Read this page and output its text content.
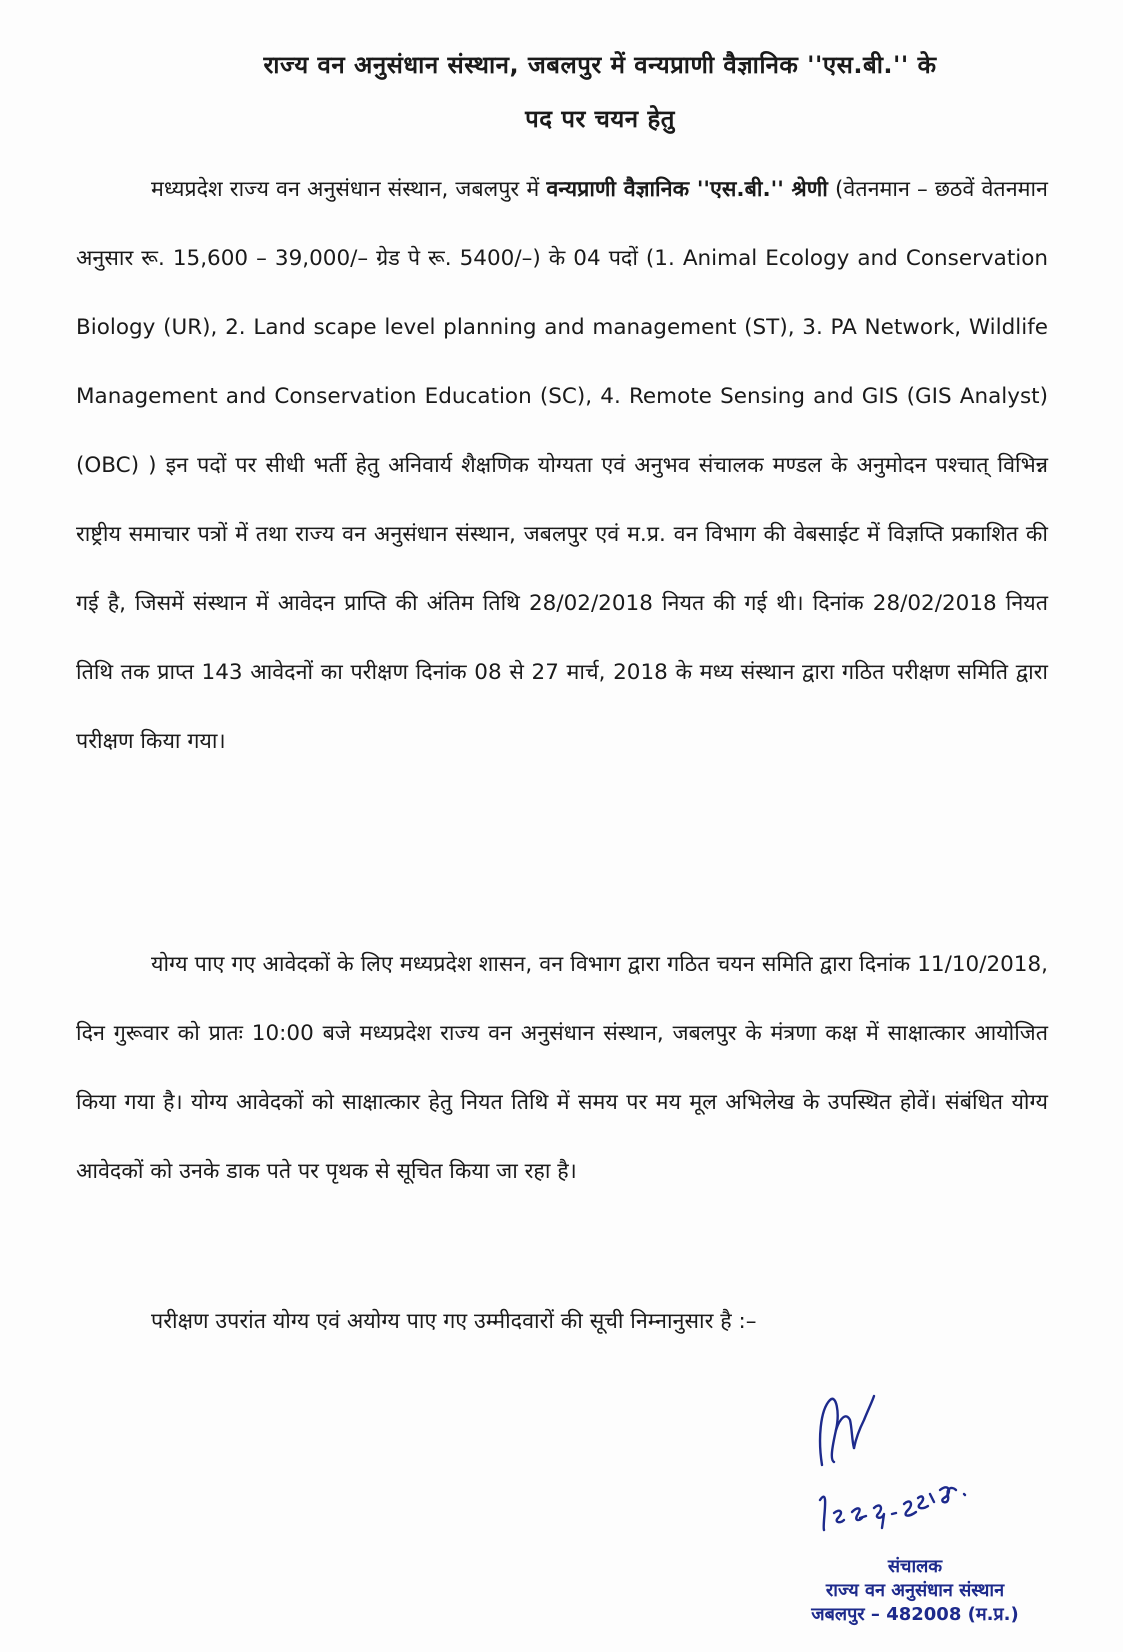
राज्य वन अनुसंधान संस्थान, जबलपुर में वन्यप्राणी वैज्ञानिक ''एस.बी.'' के
पद पर चयन हेतु
मध्यप्रदेश राज्य वन अनुसंधान संस्थान, जबलपुर में वन्यप्राणी वैज्ञानिक ''एस.बी.'' श्रेणी (वेतनमान – छठवें वेतनमान अनुसार रू. 15,600 – 39,000/– ग्रेड पे रू. 5400/–) के 04 पदों (1. Animal Ecology and Conservation Biology (UR), 2. Land scape level planning and management (ST), 3. PA Network, Wildlife Management and Conservation Education (SC), 4. Remote Sensing and GIS (GIS Analyst) (OBC) ) इन पदों पर सीधी भर्ती हेतु अनिवार्य शैक्षणिक योग्यता एवं अनुभव संचालक मण्डल के अनुमोदन पश्चात् विभिन्न राष्ट्रीय समाचार पत्रों में तथा राज्य वन अनुसंधान संस्थान, जबलपुर एवं म.प्र. वन विभाग की वेबसाईट में विज्ञप्ति प्रकाशित की गई है, जिसमें संस्थान में आवेदन प्राप्ति की अंतिम तिथि 28/02/2018 नियत की गई थी। दिनांक 28/02/2018 नियत तिथि तक प्राप्त 143 आवेदनों का परीक्षण दिनांक 08 से 27 मार्च, 2018 के मध्य संस्थान द्वारा गठित परीक्षण समिति द्वारा परीक्षण किया गया।
योग्य पाए गए आवेदकों के लिए मध्यप्रदेश शासन, वन विभाग द्वारा गठित चयन समिति द्वारा दिनांक 11/10/2018, दिन गुरूवार को प्रातः 10:00 बजे मध्यप्रदेश राज्य वन अनुसंधान संस्थान, जबलपुर के मंत्रणा कक्ष में साक्षात्कार आयोजित किया गया है। योग्य आवेदकों को साक्षात्कार हेतु नियत तिथि में समय पर मय मूल अभिलेख के उपस्थित होवें। संबंधित योग्य आवेदकों को उनके डाक पते पर पृथक से सूचित किया जा रहा है।
परीक्षण उपरांत योग्य एवं अयोग्य पाए गए उम्मीदवारों की सूची निम्नानुसार है :–
संचालक
राज्य वन अनुसंधान संस्थान
जबलपुर – 482008 (म.प्र.)
